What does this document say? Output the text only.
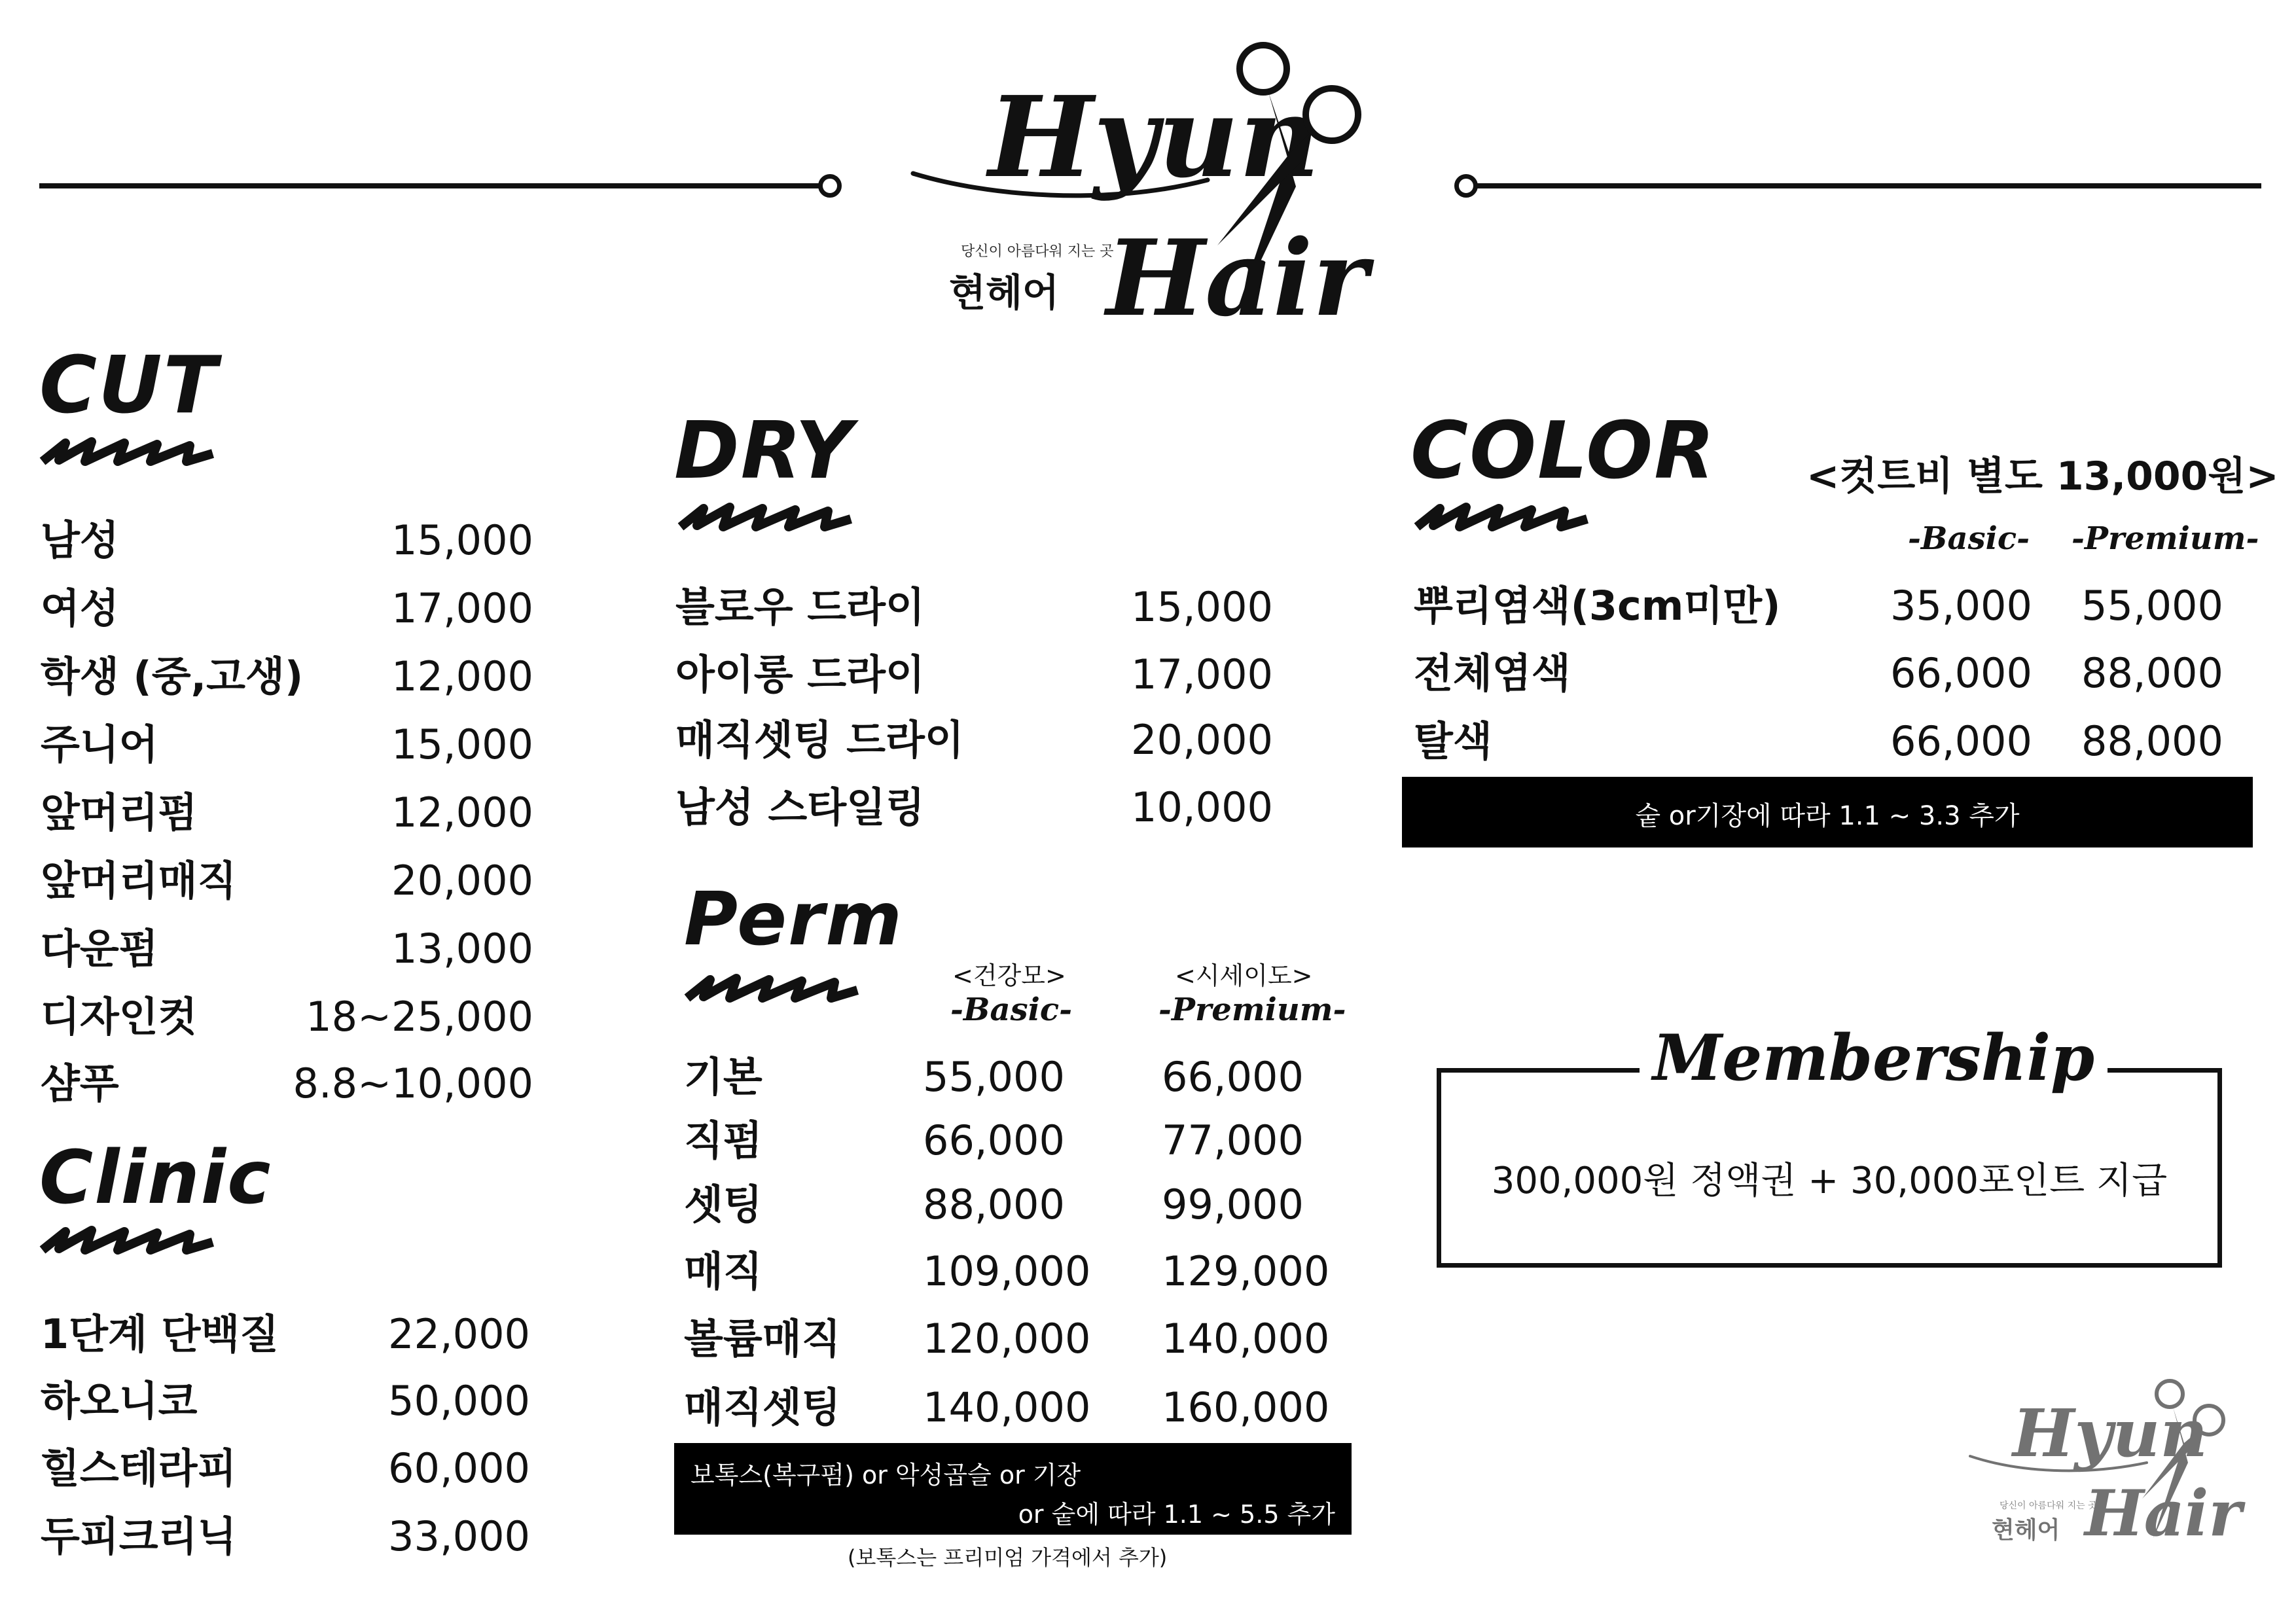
Hyun
당신이 아름다워 지는 곳
현헤어 Hair
CUT
남성	15,000
여성	17,000
학생 (중,고생)	12,000
주니어	15,000
앞머리펌	12,000
앞머리매직	20,000
다운펌	13,000
디자인컷	18~25,000
샴푸	8.8~10,000
Clinic
1단계 단백질	22,000
하오니코	50,000
힐스테라피	60,000
두피크리닉	33,000
DRY
블로우 드라이	15,000
아이롱 드라이	17,000
매직셋팅 드라이	20,000
남성 스타일링	10,000
Perm
<건강모>
-Basic-
<시세이도>
-Premium-
기본	55,000 66,000
직펌	66,000 77,000
셋팅	88,000 99,000
매직	109,000 129,000
볼륨매직 120,000 140,000
매직셋팅 140,000 160,000
보톡스(복구펌) or 악성곱슬 or 기장
or 숱에 따라 1.1 ~ 5.5 추가
(보톡스는 프리미엄 가격에서 추가)
COLOR <컷트비 별도 13,000원>
-Basic- -Premium-
뿌리염색(3cm미만)	35,000 55,000
전체염색	66,000 88,000
탈색	66,000 88,000
숱 or기장에 따라 1.1 ~ 3.3 추가
Membership
300,000원 정액권 + 30,000포인트 지급
Hyun
당신이 아름다워 지는 곳
현헤어 Hair
